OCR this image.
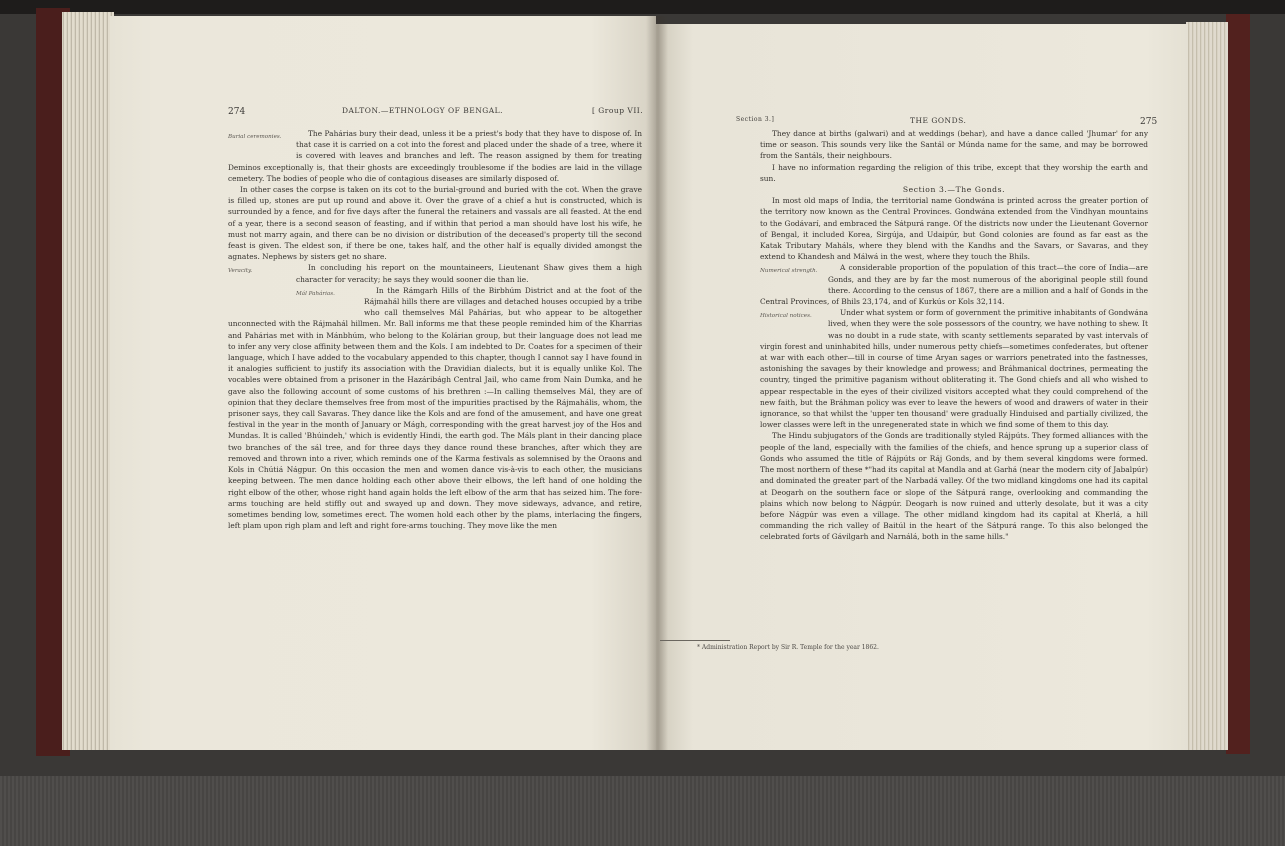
274	DALTON.—ETHNOLOGY OF BENGAL.	[ Group VII.

Burial ceremonies.	The Pahárias bury their dead, unless it be a priest's body that they have to dispose of. In that case it is carried on a cot into the forest and placed under the shade of a tree, where it is covered with leaves and branches and left. The reason assigned by them for treating Deminos exceptionally is, that their ghosts are exceedingly troublesome if the bodies are laid in the village cemetery. The bodies of people who die of contagious diseases are similarly disposed of.

In other cases the corpse is taken on its cot to the burial-ground and buried with the cot. When the grave is filled up, stones are put up round and above it. Over the grave of a chief a hut is constructed, which is surrounded by a fence, and for five days after the funeral the retainers and vassals are all feasted. At the end of a year, there is a second season of feasting, and if within that period a man should have lost his wife, he must not marry again, and there can be no division or distribution of the deceased's property till the second feast is given. The eldest son, if there be one, takes half, and the other half is equally divided amongst the agnates. Nephews by sisters get no share.

Veracity.	In concluding his report on the mountaineers, Lieutenant Shaw gives them a high character for veracity; he says they would sooner die than lie.

Mál Pahárias.	In the Rámgarh Hills of the Birbhúm District and at the foot of the Rájmahál hills there are villages and detached houses occupied by a tribe who call themselves Mál Pahárias, but who appear to be altogether unconnected with the Rájmahál hillmen. Mr. Ball informs me that these people reminded him of the Kharrias and Pahárias met with in Mánbhúm, who belong to the Kolárian group, but their language does not lead me to infer any very close affinity between them and the Kols. I am indebted to Dr. Coates for a specimen of their language, which I have added to the vocabulary appended to this chapter, though I cannot say I have found in it analogies sufficient to justify its association with the Dravidian dialects, but it is equally unlike Kol. The vocables were obtained from a prisoner in the Hazáribágh Central Jail, who came from Nain Dumka, and he gave also the following account of some customs of his brethren :—In calling themselves Mál, they are of opinion that they declare themselves free from most of the impurities practised by the Rájmahális, whom, the prisoner says, they call Savaras. They dance like the Kols and are fond of the amusement, and have one great festival in the year in the month of January or Mágh, corresponding with the great harvest joy of the Hos and Mundas. It is called 'Bhúindeh,' which is evidently Hindi, the earth god. The Máls plant in their dancing place two branches of the sál tree, and for three days they dance round these branches, after which they are removed and thrown into a river, which reminds one of the Karma festivals as solemnised by the Oraons and Kols in Chútiá Nágpur. On this occasion the men and women dance vis-à-vis to each other, the musicians keeping between. The men dance holding each other above their elbows, the left hand of one holding the right elbow of the other, whose right hand again holds the left elbow of the arm that has seized him. The fore-arms touching are held stiffly out and swayed up and down. They move sideways, advance, and retire, sometimes bending low, sometimes erect. The women hold each other by the plams, interlacing the fingers, left plam upon righ plam and left and right fore-arms touching. They move like the men

Section 3.]	THE GONDS.	275

They dance at births (galwari) and at weddings (behar), and have a dance called 'Jhumar' for any time or season. This sounds very like the Santál or Múnda name for the same, and may be borrowed from the Santáls, their neighbours.

I have no information regarding the religion of this tribe, except that they worship the earth and sun.

Section 3.—The Gonds.

In most old maps of India, the territorial name Gondwána is printed across the greater portion of the territory now known as the Central Provinces. Gondwána extended from the Vindhyan mountains to the Godávarí, and embraced the Sátpurá range. Of the districts now under the Lieutenant Governor of Bengal, it included Korea, Sirgúja, and Udaipúr, but Gond colonies are found as far east as the Katak Tributary Maháls, where they blend with the Kandhs and the Savars, or Savaras, and they extend to Khandesh and Málwá in the west, where they touch the Bhils.

Numerical strength.	A considerable proportion of the population of this tract—the core of India—are Gonds, and they are by far the most numerous of the aboriginal people still found there. According to the census of 1867, there are a million and a half of Gonds in the Central Provinces, of Bhils 23,174, and of Kurkús or Kols 32,114.

Historical notices.	Under what system or form of government the primitive inhabitants of Gondwána lived, when they were the sole possessors of the country, we have nothing to shew. It was no doubt in a rude state, with scanty settlements separated by vast intervals of virgin forest and uninhabited hills, under numerous petty chiefs—sometimes confederates, but oftener at war with each other—till in course of time Aryan sages or warriors penetrated into the fastnesses, astonishing the savages by their knowledge and prowess; and Bráhmanical doctrines, permeating the country, tinged the primitive paganism without obliterating it. The Gond chiefs and all who wished to appear respectable in the eyes of their civilized visitors accepted what they could comprehend of the new faith, but the Bráhman policy was ever to leave the hewers of wood and drawers of water in their ignorance, so that whilst the 'upper ten thousand' were gradually Hinduised and partially civilized, the lower classes were left in the unregenerated state in which we find some of them to this day.

The Hindu subjugators of the Gonds are traditionally styled Rájpúts. They formed alliances with the people of the land, especially with the families of the chiefs, and hence sprung up a superior class of Gonds who assumed the title of Rájpúts or Ráj Gonds, and by them several kingdoms were formed. The most northern of these *"had its capital at Mandla and at Garhá (near the modern city of Jabalpúr) and dominated the greater part of the Narbadá valley. Of the two midland kingdoms one had its capital at Deogarh on the southern face or slope of the Sátpurá range, overlooking and commanding the plains which now belong to Nágpúr. Deogarh is now ruined and utterly desolate, but it was a city before Nágpúr was even a village. The other midland kingdom had its capital at Kherlá, a hill commanding the rich valley of Baitúl in the heart of the Sátpurá range. To this also belonged the celebrated forts of Gávilgarh and Narnálá, both in the same hills."

* Administration Report by Sir R. Temple for the year 1862.
